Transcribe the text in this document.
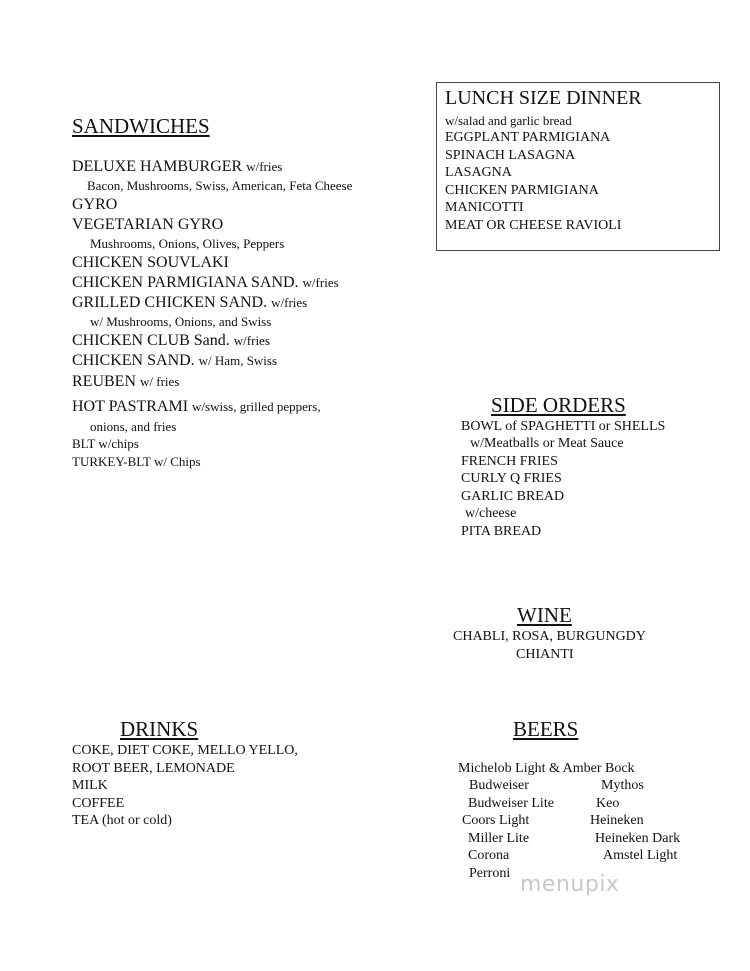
SANDWICHES
DELUXE HAMBURGER w/fries
Bacon, Mushrooms, Swiss, American, Feta Cheese
GYRO
VEGETARIAN GYRO
Mushrooms, Onions, Olives, Peppers
CHICKEN SOUVLAKI
CHICKEN PARMIGIANA SAND. w/fries
GRILLED CHICKEN SAND. w/fries
w/ Mushrooms, Onions, and Swiss
CHICKEN CLUB Sand. w/fries
CHICKEN SAND. w/ Ham, Swiss
REUBEN w/ fries
HOT PASTRAMI w/swiss, grilled peppers,
onions, and fries
BLT w/chips
TURKEY-BLT w/ Chips
LUNCH SIZE DINNER
w/salad and garlic bread
EGGPLANT PARMIGIANA
SPINACH LASAGNA
LASAGNA
CHICKEN PARMIGIANA
MANICOTTI
MEAT OR CHEESE RAVIOLI
SIDE ORDERS
BOWL of SPAGHETTI or SHELLS
w/Meatballs or Meat Sauce
FRENCH FRIES
CURLY Q FRIES
GARLIC BREAD
w/cheese
PITA BREAD
WINE
CHABLI, ROSA, BURGUNGDY
CHIANTI
DRINKS
COKE, DIET COKE, MELLO YELLO,
ROOT BEER, LEMONADE
MILK
COFFEE
TEA (hot or cold)
BEERS
Michelob Light & Amber Bock
Budweiser	Mythos
Budweiser Lite	Keo
Coors Light	Heineken
Miller Lite	Heineken Dark
Corona	Amstel Light
Perroni menupix
